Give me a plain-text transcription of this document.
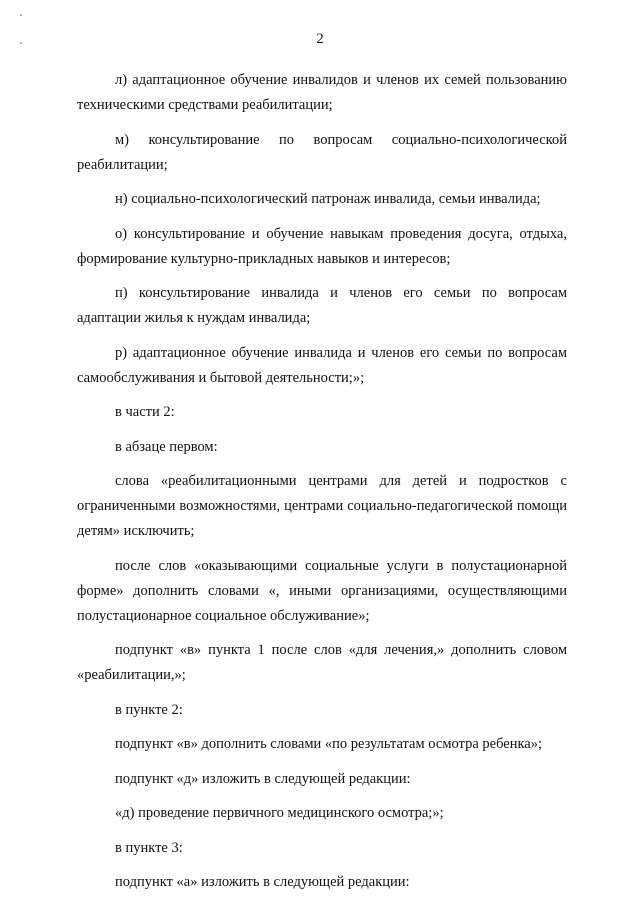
2

л) адаптационное обучение инвалидов и членов их семей пользованию техническими средствами реабилитации;

м) консультирование по вопросам социально-психологической реабилитации;

н) социально-психологический патронаж инвалида, семьи инвалида;

о) консультирование и обучение навыкам проведения досуга, отдыха, формирование культурно-прикладных навыков и интересов;

п) консультирование инвалида и членов его семьи по вопросам адаптации жилья к нуждам инвалида;

р) адаптационное обучение инвалида и членов его семьи по вопросам самообслуживания и бытовой деятельности;»;

в части 2:

в абзаце первом:

слова «реабилитационными центрами для детей и подростков с ограниченными возможностями, центрами социально-педагогической помощи детям» исключить;

после слов «оказывающими социальные услуги в полустационарной форме» дополнить словами «, иными организациями, осуществляющими полустационарное социальное обслуживание»;

подпункт «в» пункта 1 после слов «для лечения,» дополнить словом «реабилитации,»;

в пункте 2:

подпункт «в» дополнить словами «по результатам осмотра ребенка»;

подпункт «д» изложить в следующей редакции:

«д) проведение первичного медицинского осмотра;»;

в пункте 3:

подпункт «а» изложить в следующей редакции:
